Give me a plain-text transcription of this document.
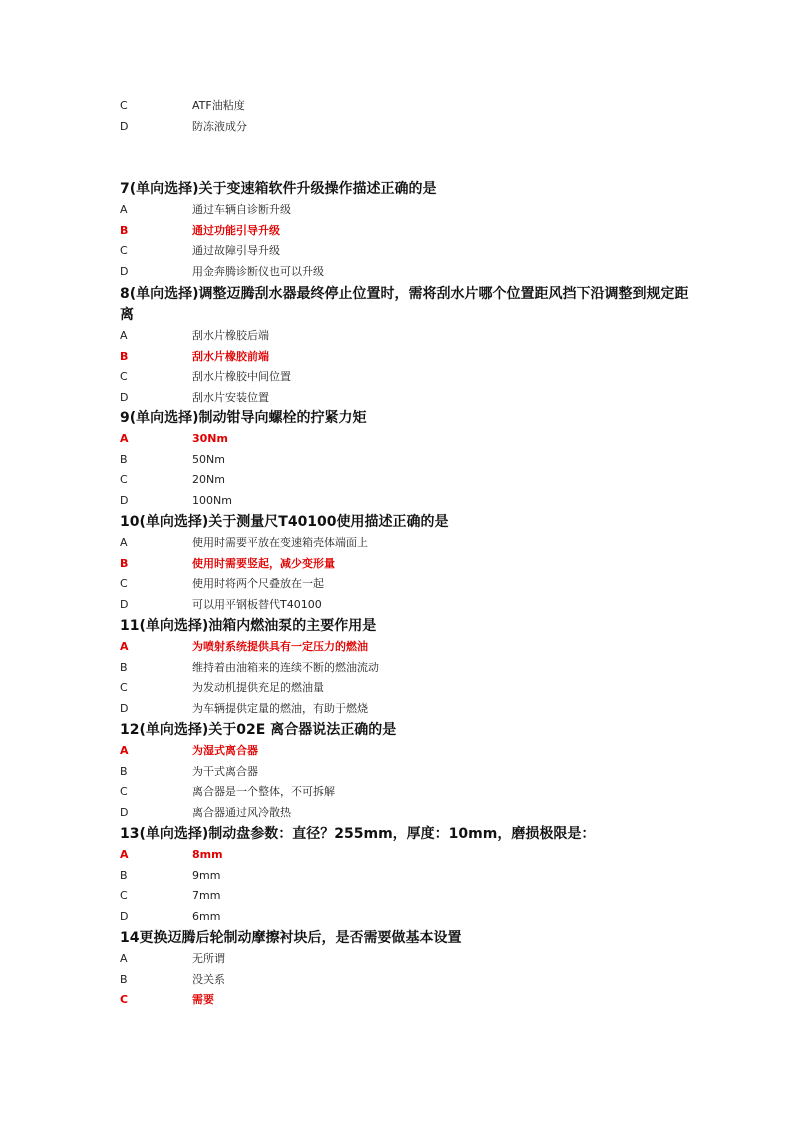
C	ATF油粘度
D	防冻液成分
7(单向选择)关于变速箱软件升级操作描述正确的是
A	通过车辆自诊断升级
B	通过功能引导升级
C	通过故障引导升级
D	用金奔腾诊断仪也可以升级
8(单向选择)调整迈腾刮水器最终停止位置时，需将刮水片哪个位置距风挡下沿调整到规定距离
A	刮水片橡胶后端
B	刮水片橡胶前端
C	刮水片橡胶中间位置
D	刮水片安装位置
9(单向选择)制动钳导向螺栓的拧紧力矩
A	30Nm
B	50Nm
C	20Nm
D	100Nm
10(单向选择)关于测量尺T40100使用描述正确的是
A	使用时需要平放在变速箱壳体端面上
B	使用时需要竖起，减少变形量
C	使用时将两个尺叠放在一起
D	可以用平钢板替代T40100
11(单向选择)油箱内燃油泵的主要作用是
A	为喷射系统提供具有一定压力的燃油
B	维持着由油箱来的连续不断的燃油流动
C	为发动机提供充足的燃油量
D	为车辆提供定量的燃油，有助于燃烧
12(单向选择)关于02E 离合器说法正确的是
A	为湿式离合器
B	为干式离合器
C	离合器是一个整体，不可拆解
D	离合器通过风冷散热
13(单向选择)制动盘参数：直径？255mm，厚度：10mm，磨损极限是：
A	8mm
B	9mm
C	7mm
D	6mm
14更换迈腾后轮制动摩擦衬块后，是否需要做基本设置
A	无所谓
B	没关系
C	需要
